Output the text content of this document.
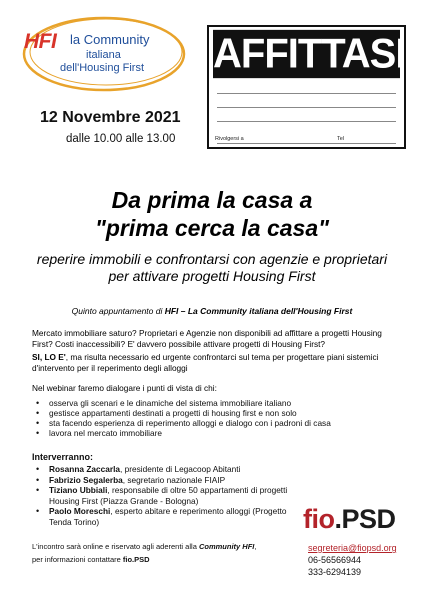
HFI la Community
italiana
dell'Housing First
12 Novembre 2021
dalle 10.00 alle 13.00
AFFITTASI
Rivolgersi a	Tel
Da prima la casa a
"prima cerca la casa"
reperire immobili e confrontarsi con agenzie e proprietari
per attivare progetti Housing First
Quinto appuntamento di HFI – La Community italiana dell'Housing First
Mercato immobiliare saturo? Proprietari e Agenzie non disponibili ad affittare a progetti Housing First? Costi inaccessibili? E' davvero possibile attivare progetti di Housing First?
SI, LO E', ma risulta necessario ed urgente confrontarci sul tema per progettare piani sistemici d'intervento per il reperimento degli alloggi
Nel webinar faremo dialogare i punti di vista di chi:
• osserva gli scenari e le dinamiche del sistema immobiliare italiano
• gestisce appartamenti destinati a progetti di housing first e non solo
• sta facendo esperienza di reperimento alloggi e dialogo con i padroni di casa
• lavora nel mercato immobiliare
Interverranno:
• Rosanna Zaccarla, presidente di Legacoop Abitanti
• Fabrizio Segalerba, segretario nazionale FIAIP
• Tiziano Ubbiali, responsabile di oltre 50 appartamenti di progetti Housing First (Piazza Grande - Bologna)
• Paolo Moreschi, esperto abitare e reperimento alloggi (Progetto Tenda Torino)
L'incontro sarà online e riservato agli aderenti alla Community HFI,
per informazioni contattare fio.PSD
fio.PSD
segreteria@fiopsd.org
06-56566944
333-6294139
